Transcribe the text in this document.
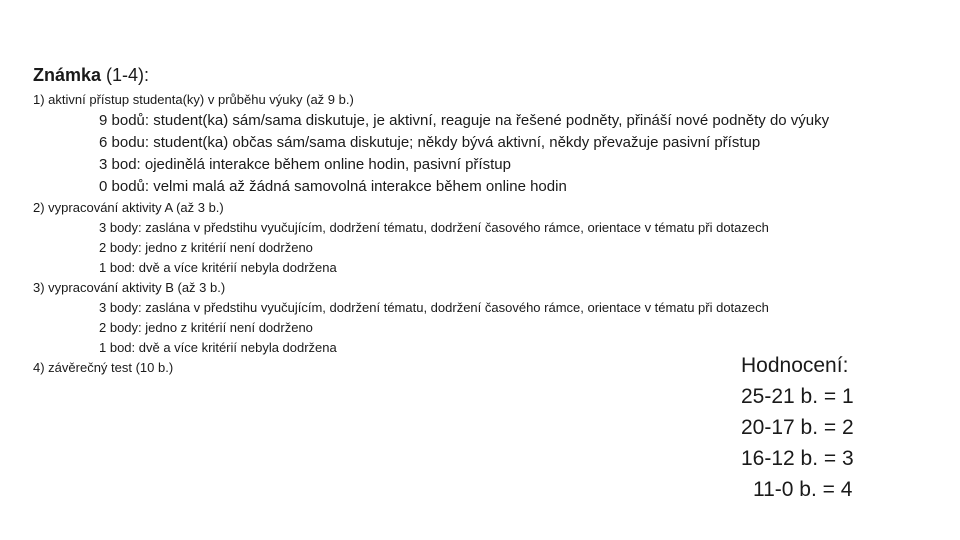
Známka (1-4):
1) aktivní přístup studenta(ky) v průběhu výuky (až 9 b.)
9 bodů: student(ka) sám/sama diskutuje, je aktivní, reaguje na řešené podněty, přináší nové podněty do výuky
6 bodu: student(ka) občas sám/sama diskutuje; někdy bývá aktivní, někdy převažuje pasivní přístup
3 bod: ojedinělá interakce během online hodin, pasivní přístup
0 bodů: velmi malá až žádná samovolná interakce během online hodin
2) vypracování aktivity A (až 3 b.)
3 body: zaslána v předstihu vyučujícím, dodržení tématu, dodržení časového rámce, orientace v tématu při dotazech
2 body: jedno z kritérií není dodrženo
1 bod: dvě a více kritérií nebyla dodržena
3) vypracování aktivity B (až 3 b.)
3 body: zaslána v předstihu vyučujícím, dodržení tématu, dodržení časového rámce, orientace v tématu při dotazech
2 body: jedno z kritérií není dodrženo
1 bod: dvě a více kritérií nebyla dodržena
4) závěrečný test (10 b.)	Hodnocení:
25-21 b. = 1
20-17 b. = 2
16-12 b. = 3
11-0 b. = 4
